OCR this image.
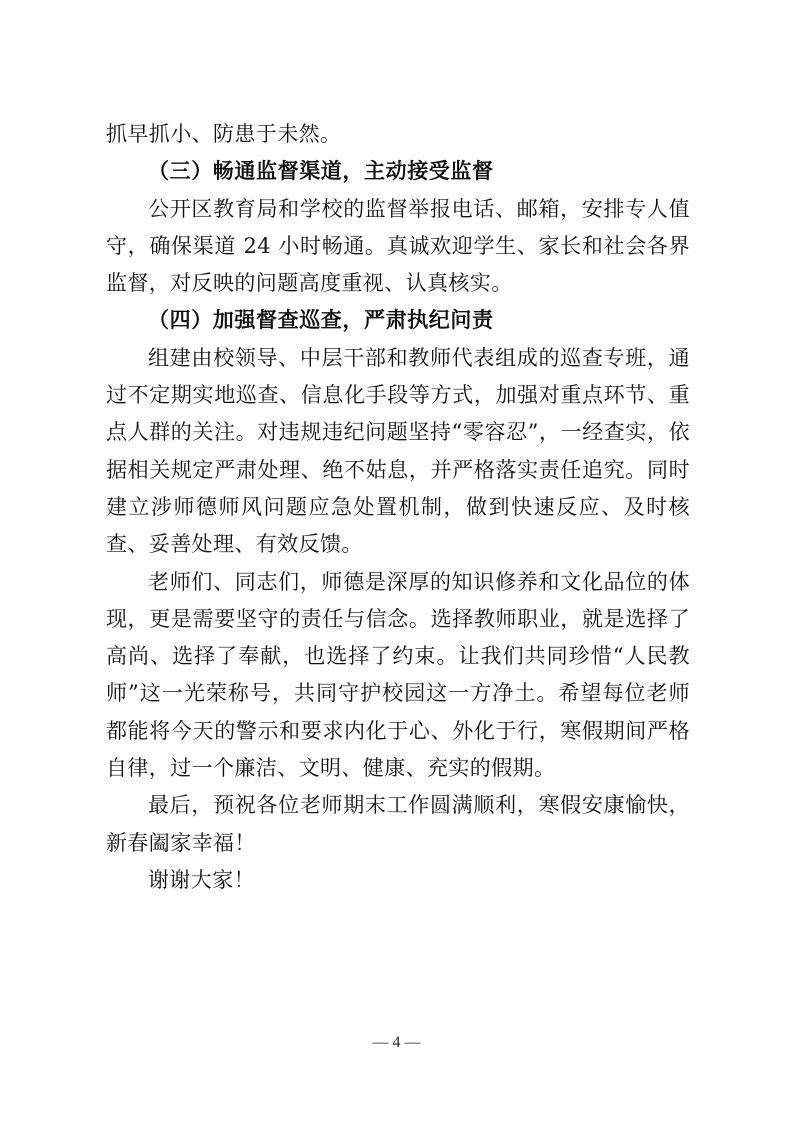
抓早抓小、防患于未然。

（三）畅通监督渠道，主动接受监督

公开区教育局和学校的监督举报电话、邮箱，安排专人值守，确保渠道 24 小时畅通。真诚欢迎学生、家长和社会各界监督，对反映的问题高度重视、认真核实。

（四）加强督查巡查，严肃执纪问责

组建由校领导、中层干部和教师代表组成的巡查专班，通过不定期实地巡查、信息化手段等方式，加强对重点环节、重点人群的关注。对违规违纪问题坚持“零容忍”，一经查实，依据相关规定严肃处理、绝不姑息，并严格落实责任追究。同时建立涉师德师风问题应急处置机制，做到快速反应、及时核查、妥善处理、有效反馈。

老师们、同志们，师德是深厚的知识修养和文化品位的体现，更是需要坚守的责任与信念。选择教师职业，就是选择了高尚、选择了奉献，也选择了约束。让我们共同珍惜“人民教师”这一光荣称号，共同守护校园这一方净土。希望每位老师都能将今天的警示和要求内化于心、外化于行，寒假期间严格自律，过一个廉洁、文明、健康、充实的假期。

最后，预祝各位老师期末工作圆满顺利，寒假安康愉快，新春阖家幸福！

谢谢大家！

— 4 —
